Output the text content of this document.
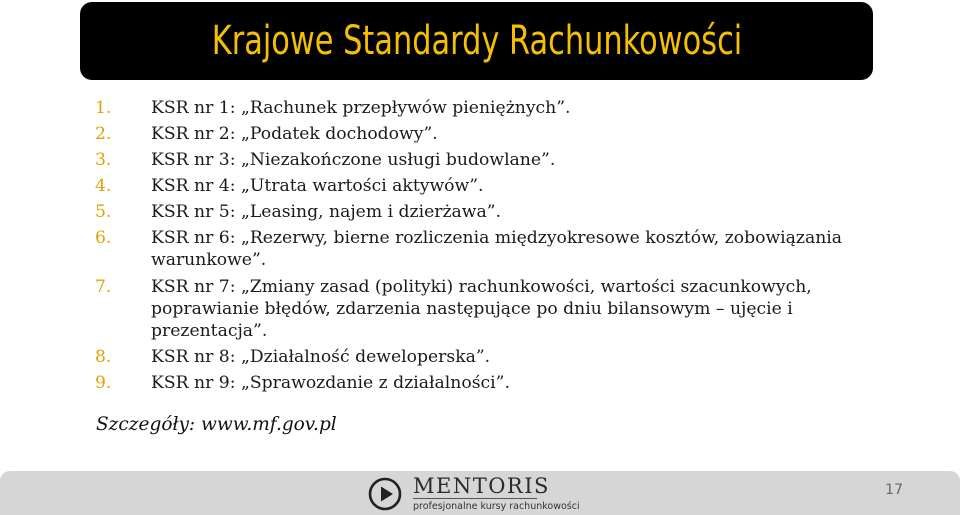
Krajowe Standardy Rachunkowości
1.	KSR nr 1: „Rachunek przepływów pieniężnych”.
2.	KSR nr 2: „Podatek dochodowy”.
3.	KSR nr 3: „Niezakończone usługi budowlane”.
4.	KSR nr 4: „Utrata wartości aktywów”.
5.	KSR nr 5: „Leasing, najem i dzierżawa”.
6.	KSR nr 6: „Rezerwy, bierne rozliczenia międzyokresowe kosztów, zobowiązania warunkowe”.
7.	KSR nr 7: „Zmiany zasad (polityki) rachunkowości, wartości szacunkowych, poprawianie błędów, zdarzenia następujące po dniu bilansowym – ujęcie i prezentacja”.
8.	KSR nr 8: „Działalność deweloperska”.
9.	KSR nr 9: „Sprawozdanie z działalności”.
Szczegóły: www.mf.gov.pl
MENTORIS
profesjonalne kursy rachunkowości
17
